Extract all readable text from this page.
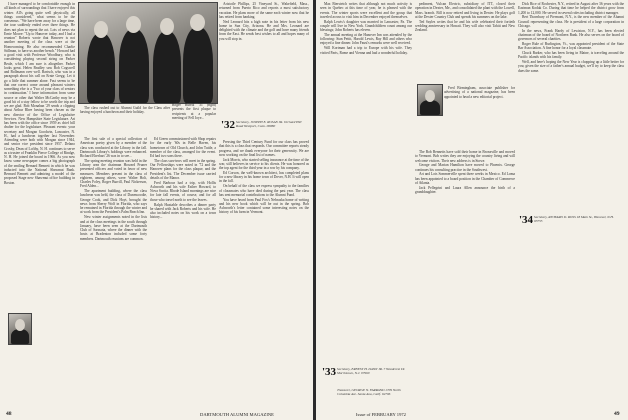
I have managed to be comfortable enough in all kinds of surroundings that I have enjoyed this winter. All's going quite well physically, all things considered," what seems to be the consensus. "We have been away for a large time, the tour suddenly ended over three things. He does not plan to repeat the act. Lots of news via Ernie Moore: "Up to Hanover today, and I had a reunion" Roberts wrote that Hanover is not another meeting of the class were at the Homecoming. He also recommended Charlie Stillman, to have us another bench." Howard had a good visit with Professor Woodbury, who is considering playing second string on Parker Beale, which I am sure is altogether. Parker looks great. Helen Bradley saw Bob Cogswell and Bollmann over well. Bartsch, who was in a paragraph about his call on Ernie Gregg. Let it go a little that summer alone. Fast seems to be that one correct come around pleasant winters something else is a 'Two of your class of seniors in continuation.' I have information from some source or other that Walter McCarthy may be a good bit of a stay fellow to be worth the trip and we are glad. Bob Monahan '29 sends a clipping about Arthur Rhee having been chosen as the new director of the Office of Legislative Services. New Hampshire State Legislature. Art has been with the office since 1959 as chief bill drafter for the legislature. Pleasant events: your secretary and Morgan Goodwin, Lancaster, N. H., had a luncheon together last November. Attending were both with Morgan since 1944, and senior vice president since 1957. Delano Crosby, Dean of Lofthy, N. H. continues to serve as a trustee of Franklin Pierce College of Rindge, N. H. He joined the board in 1966. As you now know some newspaper comes a big photograph of the smiling Bernard Bennett in which he was inducted into the National Shawmut Bank. Bernard Bennett and admiring a model of the proposed Stage new Shawmut office building in Boston.

Roger Burrill '31 (right) presents the first plaque to recipients at a popular meeting of Fell Joye...

The class rushed out to Alumni Guild for the Class after having enjoyed a luncheon and their holiday.

The first sale of a special collection of American poetry given by a member of the class was conducted at the Library in the fall. Dartmouth Library's holdings were enhanced. Richard Eberhart '26 was in to see...

The spring meeting reunion was held in the Library area the chairman Howard Pruner presented officers and voted in favor of new measures. Members present in the class of eighteen, among others, were: Walter Holt, Charles Foley, Roger Burrill, Paul Nickerson, Fred Alden...

The apartment building, where the class luncheon was held, the class of Dunnwoodie, George Cook, and Dick Hoyt, brought the news from Sherry Wolf in Florida, who says he remained in Florida through the winter and at work from the President's Palm Beach Inn.

New winter assignments noted in the lists and at the class meetings in the south through January, have been seen at the Dartmouth Club of Sarasota, where the dinner with the hosts at Bradenton included some forty members. Dartmouth reunions are common.

Ed Green commissioned with Shop repairs for the early '60s in Belle Haven, his hometown of Old Church, and John Tuttle, a member of the class, arranged for the event. Ed had two sons there.

The class survivors will meet in the spring. Our Fellowships were noted in '72 and the Hanover plans for the class plaque, and the President's list. The December issue carried details of the Manor.

Fred Barbour had a trip, with Hollis Ashworth and his wife Esther Howard, to Nova Scotia. Rhode Island mornings are nice for late fall events, of course, and for all those who travel north to see the leaves.

Ralph Huxtable describes a dinner party he shared with Jack Roberts and his wife. He also included notes on his work on a town history...

'32 Secretary, JOSEPH E. ROSAN JR. Orchard Hill Road Westport, Conn. 06880

Aristotle Phillips, 25 Vineyard St., Wakefield, Mass., returned from Puerto Rico and reports a most satisfactory vacation. He plans more of the same each winter now that he has retired from banking.

Ned Leonard hits a high note in his letter from his new home in Sun City, Arizona. He and Mrs. Leonard are delighted with the climate and the golf and have many friends from the East. He sends best wishes to all and hopes many of you will stop in.

Pressing the Third Century Fund for our class has proved that this is a class that responds. Our committee reports steady progress, and we thank everyone for their generosity. We are now working on the final list of names.

Jack Morris, who started selling insurance at the time of the war, still believes in service to his clients. He was honored as the top agent for the third year in a row by his company.

Ed Corson, the well-known architect, has completed plans for a new library in his home town of Dover, N.H. It will open in the fall.

On behalf of the class we express sympathy to the families of classmates who have died during the past year. The class has sent memorial contributions to the Alumni Fund.

You have heard from Paul Fox's Nebraska home of writing and his new book which will be out in the spring. Bob Ashworth's letter contained some interesting notes on the history of his farm in Vermont.

48	DARTMOUTH ALUMNI MAGAZINE

Max Biersteich writes that although not much activity is seen in Quebec at this time of year, he is pleased with the events. The winter sports were excellent and the group that traveled across to visit him in December enjoyed themselves.

Ralph Lewis's daughter was married in Lancaster, Pa. The couple will live in New York. Grandchildren count among our blessings; John Roberts has eleven.

The annual meeting at the Hanover Inn was attended by the following: Stan Pettit, Harold Lewis, Ray Hill and others who enjoyed a fine dinner. John Faust's remarks were well received.

Will Kortman had a trip to Europe with his wife. They visited Paris, Rome and Vienna and had a wonderful holiday.

'33 Secretary, ERNEST H. DANN JR. 7 Woodcrest Dr. Morristown, N.J. 07960
Treasurer, GEORGE N. FARRAND 1709 North Columbia Ave. Santa Ana, Calif. 92706

pediment, Vulcan Electric, subsidiary of ITT, closed their operation in Dexter, Me., and consolidated the plant with the Lowell, Mass. branch. Bill is now retired and living in Dexter. He plays golf at the Dexter Country Club and spends his summers on the lake.

Ted Sayles writes that he and his wife celebrated their fortieth wedding anniversary in Hawaii. They will also visit Tahiti and New Zealand.

Fred Birmingham, associate publisher for advertising of a national magazine, has been appointed to head a new editorial project.

The Bob Bennetts have sold their home in Bronxville and moved to Vermont. Bob writes they are enjoying the country living and will welcome visitors. Their new address is in Stowe.

George and Marian Hamilton have moved to Phoenix. George continues his consulting practice in the Southwest.

Art and Lois Sommerville spent three weeks in Mexico. Ed Loma has been appointed to a board position in the Chamber of Commerce of Atlanta.

Jack Pellegrini and Laura Allen announce the birth of a granddaughter.

Dick Rice of Rochester, N.Y., retired in August after 36 years with the Eastman Kodak Co. During that time he helped the district grow from 1,200 to 12,000. He served in several roles including district manager.

Bert Thornbury of Piermont, N.Y., is the new member of the Alumni Council representing the class. He is president of a large corporation in Chicago.

In the news, Frank Hardy of Lewiston, N.Y., has been elected chairman of the board of Northern Bank. He also serves on the board of governors of several charities.

Roger Rule of Burlington, Vt., was appointed president of the State Bar Association. A fine honor for a loyal classmate.

Chuck Barker, who has been living in Maine, is traveling around the Pacific islands with his family.

Well, and here's hoping the New Year is chopping up a little better for you; given the size of a father's annual budget, we'll try to keep the class dues the same.

'34 Secretary, RICHARD D. ROSS 18 Main St., Hanover, N.H. 03755
Issue of FEBRUARY 1972	49
